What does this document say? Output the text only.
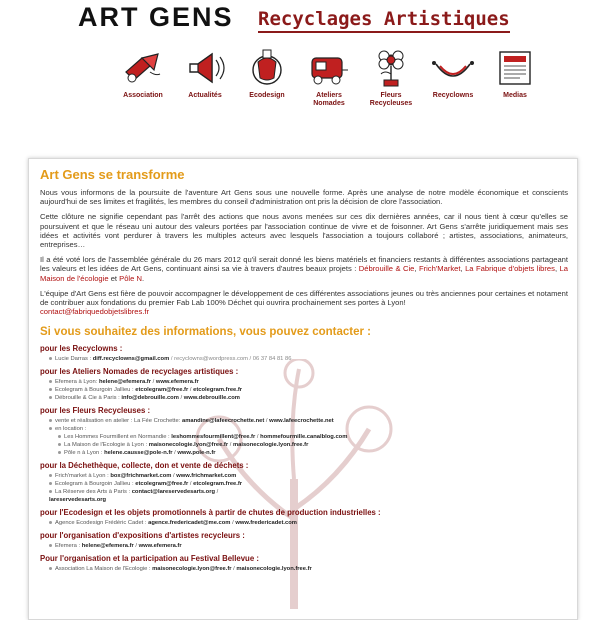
ART GENS Recyclages Artistiques
Association	Actualités	Ecodesign	Ateliers
Nomades
Fleurs
Recycleuses
Recyclowns	Medias
Art Gens se transforme

Nous vous informons de la poursuite de l'aventure Art Gens sous une nouvelle forme. Après une analyse de notre modèle économique et conscients aujourd'hui de ses limites et fragilités, les membres du conseil d'administration ont pris la décision de clore l'association.

Cette clôture ne signifie cependant pas l'arrêt des actions que nous avons menées sur ces dix dernières années, car il nous tient à cœur qu'elles se poursuivent et que le réseau uni autour des valeurs portées par l'association continue de vivre et de foisonner. Art Gens s'arrête juridiquement mais ses idées et activités vont perdurer à travers les multiples acteurs avec lesquels l'association a toujours collaboré ; artistes, associations, animateurs, entreprises…

Il a été voté lors de l'assemblée générale du 26 mars 2012 qu'il serait donné les biens matériels et financiers restants à différentes associations partageant les valeurs et les idées de Art Gens, continuant ainsi sa vie à travers d'autres beaux projets : Débrouille & Cie, Frich'Market, La Fabrique d'objets libres, La Maison de l'écologie et Pôle N.

L'équipe d'Art Gens est fière de pouvoir accompagner le développement de ces différentes associations jeunes ou très anciennes pour certaines et notament de contribuer aux fondations du premier Fab Lab 100% Déchet qui ouvrira prochainement ses portes à Lyon!
contact@fabriquedobjetslibres.fr

Si vous souhaitez des informations, vous pouvez contacter :
pour les Recyclowns :
Lucie Darras : diff.recyclowns@gmail.com / recyclowns@wordpress.com / 06 37 84 81 86
pour les Ateliers Nomades de recyclages artistiques :
Efemera à Lyon: helene@efemera.fr / www.efemera.fr
Ecolegram à Bourgoin Jallieu : etcolegram@free.fr / etcolegram.free.fr
Débrouille & Cie à Paris : info@debrouille.com / www.debrouille.com
pour les Fleurs Recycleuses :
vente et réalisation en atelier : La Fée Crochette: amandine@lafeecrochette.net / www.lafeecrochette.net
en location :
Les Hommes Fourmillent en Normandie : leshommesfourmillent@free.fr / hommefourmille.canalblog.com
La Maison de l'Ecologie à Lyon : maisonecologie.lyon@free.fr / maisonecologie.lyon.free.fr
Pôle n à Lyon : helene.causse@pole-n.fr / www.pole-n.fr
pour la Déchethèque, collecte, don et vente de déchets :
Frich'market à Lyon : box@frichmarket.com / www.frichmarket.com
Ecolegram à Bourgoin Jallieu : etcolegram@free.fr / etcolegram.free.fr
La Réserve des Arts à Paris : contact@lareservedesarts.org /
lareservedesarts.org
pour l'Ecodesign et les objets promotionnels à partir de chutes de production industrielles :
Agence Ecodesign Frédéric Cadet : agence.fredericadet@me.com / www.fredericadet.com
pour l'organisation d'expositions d'artistes recycleurs :
Efemera : helene@efemera.fr / www.efemera.fr
Pour l'organisation et la participation au Festival Bellevue :
Association La Maison de l'Ecologie : maisonecologie.lyon@free.fr / maisonecologie.lyon.free.fr
